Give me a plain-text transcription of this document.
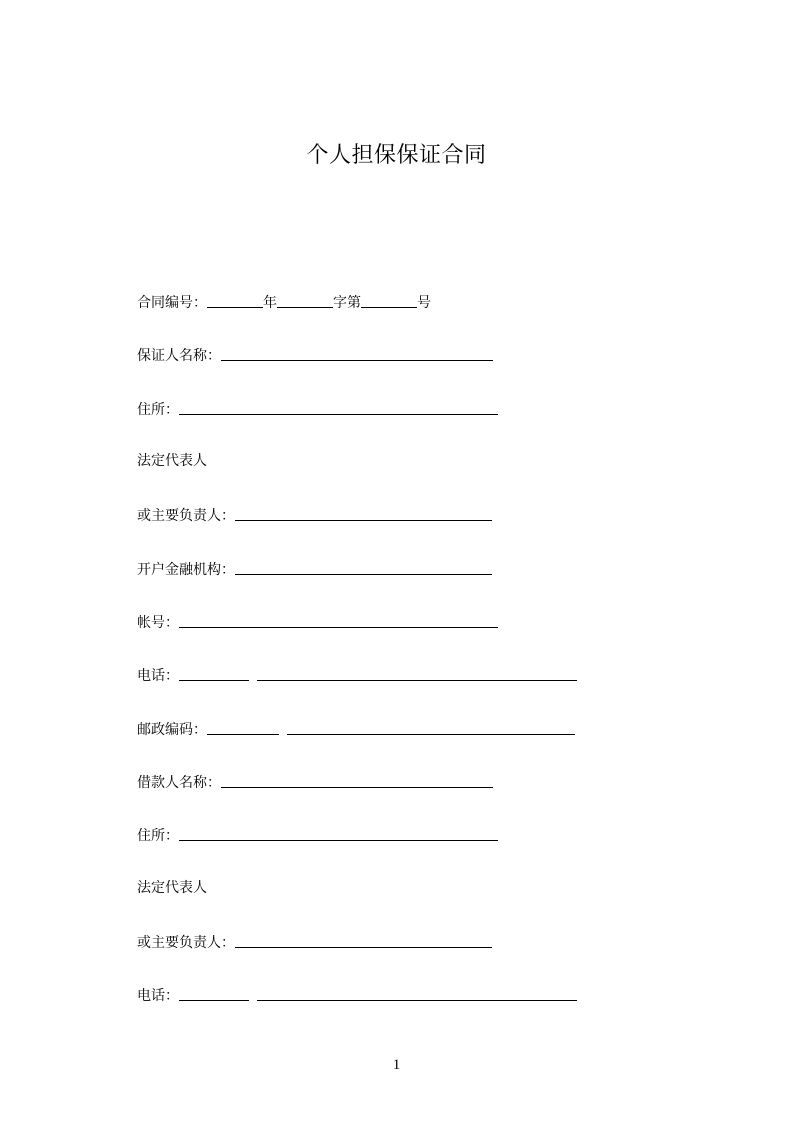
个人担保保证合同
合同编号：	年	字第	号
保证人名称：
住所：
法定代表人
或主要负责人：
开户金融机构：
帐号：
电话：
邮政编码：
借款人名称：
住所：
法定代表人
或主要负责人：
电话：
1
